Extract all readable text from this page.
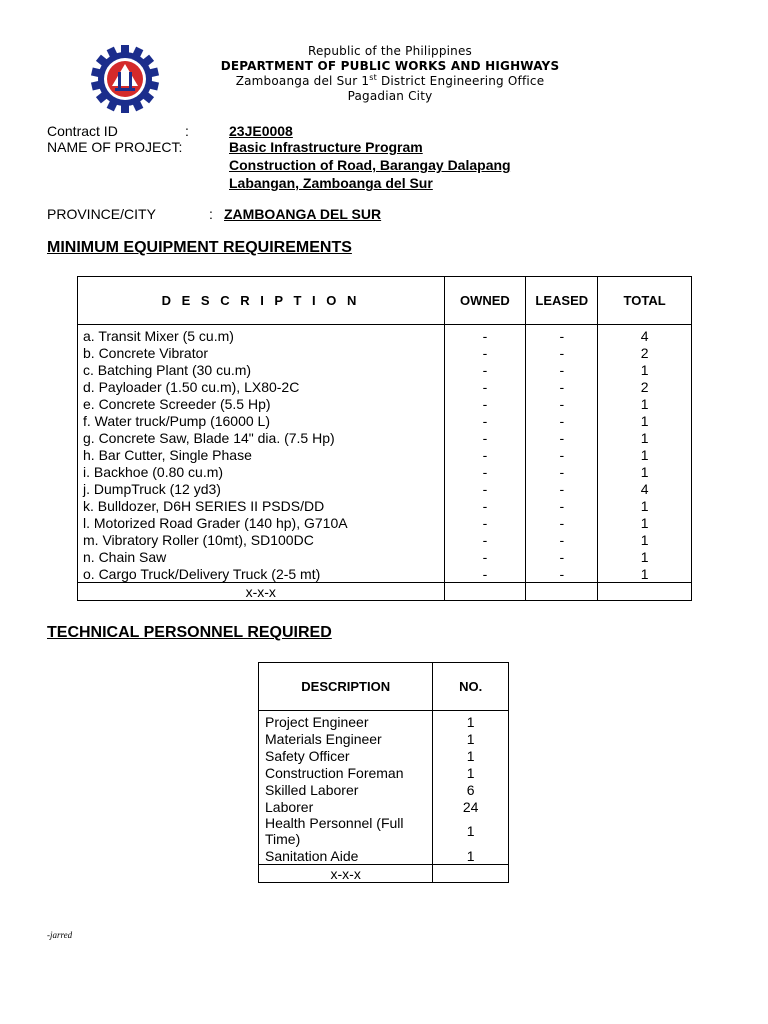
Republic of the Philippines
DEPARTMENT OF PUBLIC WORKS AND HIGHWAYS
Zamboanga del Sur 1st District Engineering Office
Pagadian City
Contract ID	:	23JE0008
NAME OF PROJECT:	Basic Infrastructure Program
Construction of Road, Barangay Dalapang
Labangan, Zamboanga del Sur
PROVINCE/CITY	: ZAMBOANGA DEL SUR
MINIMUM EQUIPMENT REQUIREMENTS
D E S C R I P T I O N	OWNED	LEASED	TOTAL
a. Transit Mixer (5 cu.m)	-	-	4
b. Concrete Vibrator	-	-	2
c. Batching Plant (30 cu.m)	-	-	1
d. Payloader (1.50 cu.m), LX80-2C	-	-	2
e. Concrete Screeder (5.5 Hp)	-	-	1
f. Water truck/Pump (16000 L)	-	-	1
g. Concrete Saw, Blade 14" dia. (7.5 Hp)	-	-	1
h. Bar Cutter, Single Phase	-	-	1
i. Backhoe (0.80 cu.m)	-	-	1
j. DumpTruck (12 yd3)	-	-	4
k. Bulldozer, D6H SERIES II PSDS/DD	-	-	1
l. Motorized Road Grader (140 hp), G710A	-	-	1
m. Vibratory Roller (10mt), SD100DC	-	-	1
n. Chain Saw	-	-	1
o. Cargo Truck/Delivery Truck (2-5 mt)	-	-	1
x-x-x			
TECHNICAL PERSONNEL REQUIRED
DESCRIPTION	NO.
Project Engineer	1
Materials Engineer	1
Safety Officer	1
Construction Foreman	1
Skilled Laborer	6
Laborer	24
Health Personnel (Full Time)	1
Sanitation Aide	1
x-x-x	
-jarred
